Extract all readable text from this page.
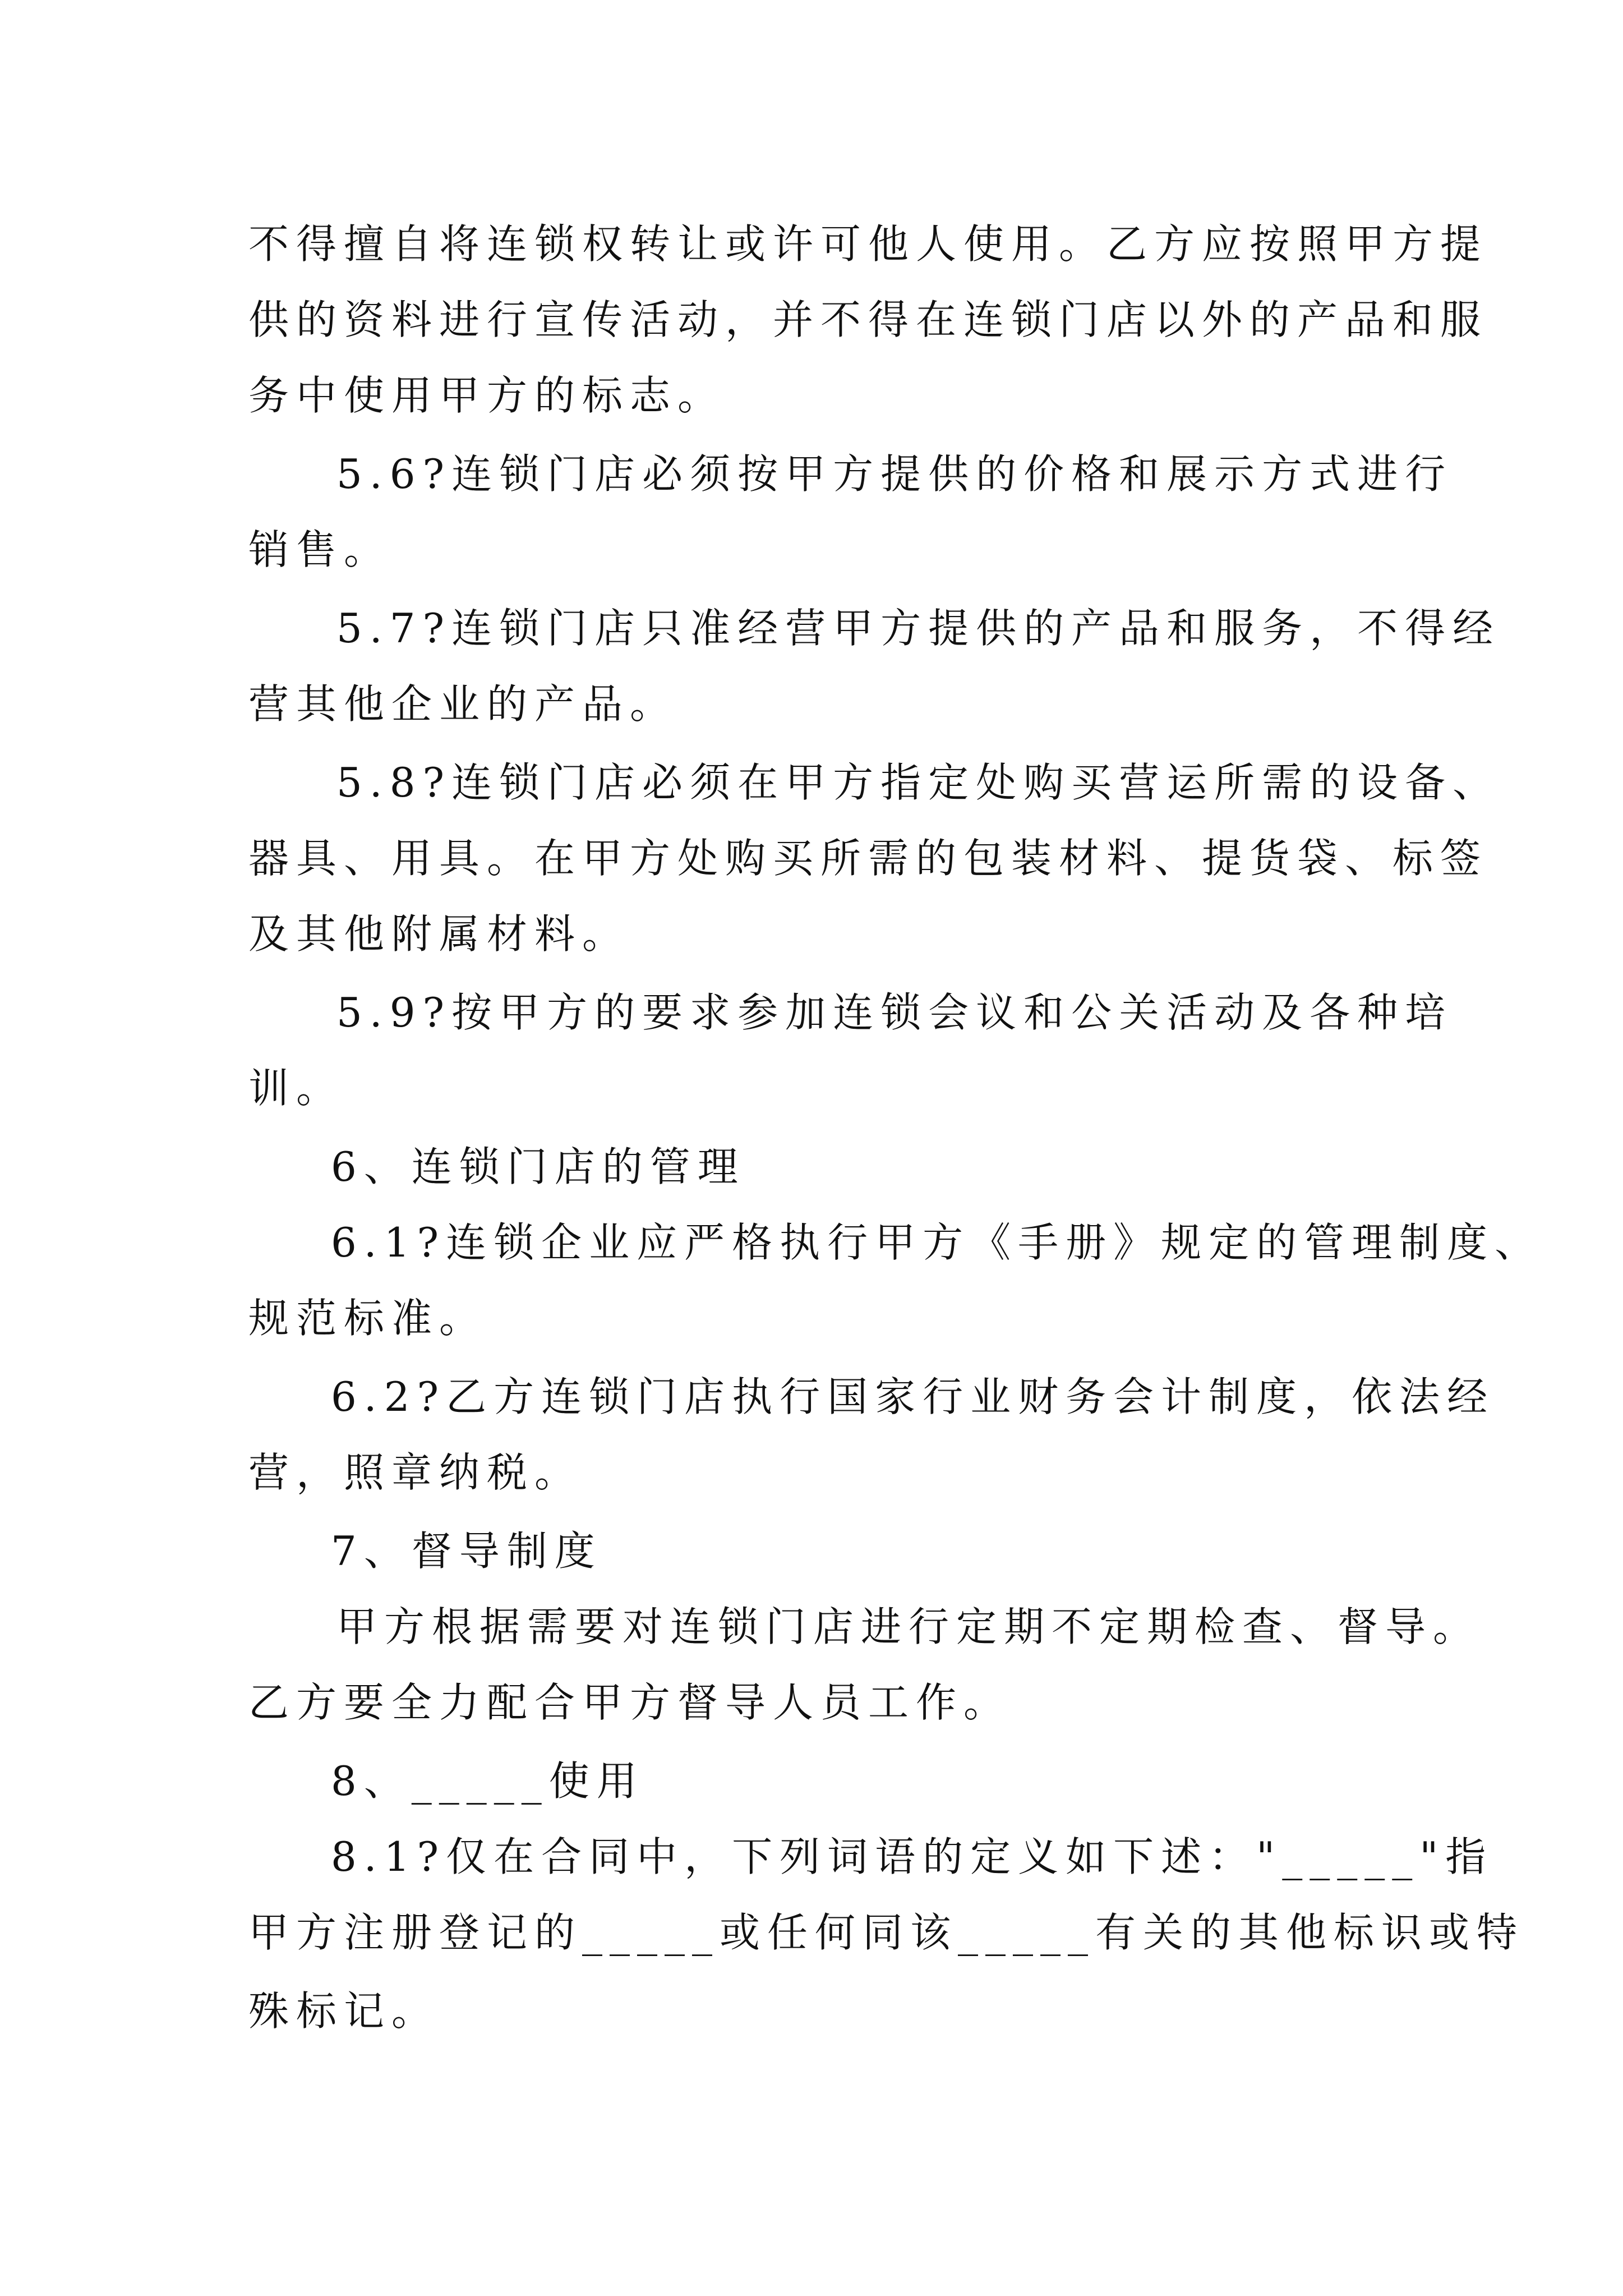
不得擅自将连锁权转让或许可他人使用。乙方应按照甲方提
供的资料进行宣传活动，并不得在连锁门店以外的产品和服
务中使用甲方的标志。
5.6?连锁门店必须按甲方提供的价格和展示方式进行
销售。
5.7?连锁门店只准经营甲方提供的产品和服务，不得经
营其他企业的产品。
5.8?连锁门店必须在甲方指定处购买营运所需的设备、
器具、用具。在甲方处购买所需的包装材料、提货袋、标签
及其他附属材料。
5.9?按甲方的要求参加连锁会议和公关活动及各种培
训。
6、连锁门店的管理
6.1?连锁企业应严格执行甲方《手册》规定的管理制度、
规范标准。
6.2?乙方连锁门店执行国家行业财务会计制度，依法经
营，照章纳税。
7、督导制度
甲方根据需要对连锁门店进行定期不定期检查、督导。
乙方要全力配合甲方督导人员工作。
8、_____使用
8.1?仅在合同中，下列词语的定义如下述："_____"指
甲方注册登记的_____或任何同该_____有关的其他标识或特
殊标记。
